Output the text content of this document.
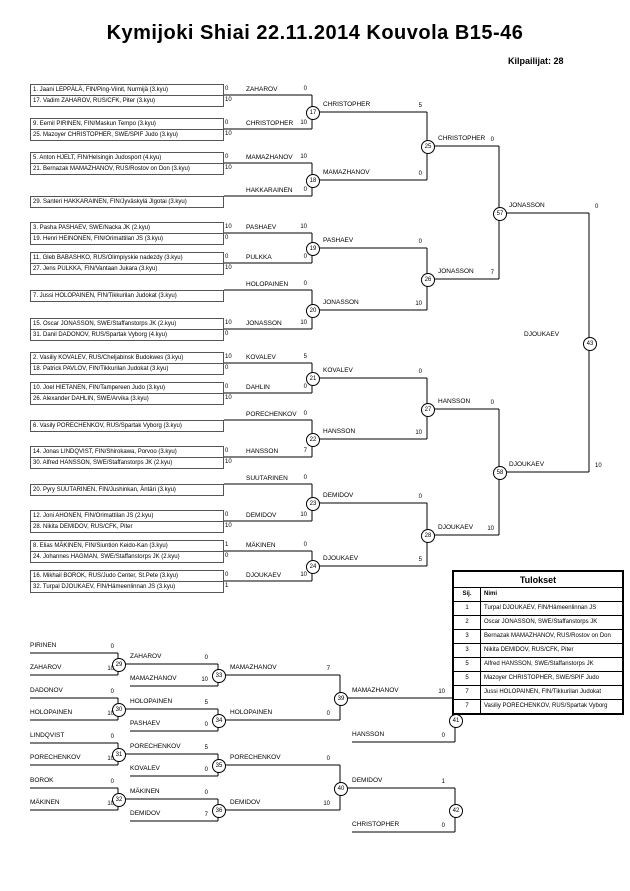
Kymijoki Shiai 22.11.2014 Kouvola B15-46
Kilpailijat: 28
1. Jaani LEPPÄLÄ, FIN/Ping-Viinit, Nurmijä (3.kyu)	0
17. Vadim ZAHAROV, RUS/CFK, Piter (3.kyu)	10
9. Eemil PIRINEN, FIN/Maskun Tempo (3.kyu)	0
25. Mazoyer CHRISTOPHER, SWE/SPIF Judo (3.kyu)	10
5. Anton HJELT, FIN/Helsingin Judosport (4.kyu)	0
21. Bernazak MAMAZHANOV, RUS/Rostov on Don (3.kyu)	10
29. Santeri HAKKARAINEN, FIN/Jyväskylä JIgotai (3.kyu)
3. Pasha PASHAEV, SWE/Nacka JK (2.kyu)	10
19. Henri HEINONEN, FIN/Orimattilan JS (3.kyu)	0
11. Gleb BABASHKO, RUS/Olimpiyskie nadezdy (3.kyu)	0
27. Jens PULKKA, FIN/Vantaan Jukara (3.kyu)	10
7. Jussi HOLOPAINEN, FIN/Tikkurilan Judokat (3.kyu)
15. Oscar JONASSON, SWE/Staffanstorps JK (2.kyu)	10
31. Danil DADONOV, RUS/Spartak Vyborg (4.kyu)	0
2. Vasiliy KOVALEV, RUS/Cheljabinsk Budokwes (3.kyu)	10
18. Patrick PAVLOV, FIN/Tikkurilan Judokat (3.kyu)	0
10. Joel HIETANEN, FIN/Tampereen Judo (3.kyu)	0
26. Alexander DAHLIN, SWE/Arvika (3.kyu)	10
6. Vasily PORECHENKOV, RUS/Spartak Vyborg (3.kyu)
14. Jonas LINDQVIST, FIN/Shirokawa, Porvoo (3.kyu)	0
30. Alfred HANSSON, SWE/Staffanstorps JK (2.kyu)	10
20. Pyry SUUTARINEN, FIN/Jushinkan, Äntäri (3.kyu)
12. Joni AHONEN, FIN/Orimattilan JS (2.kyu)	0
28. Nikita DEMIDOV, RUS/CFK, Piter	10
8. Elias MÄKINEN, FIN/Siuntion Keido-Kan (3.kyu)	1
24. Johannes HAGMAN, SWE/Staffanstorps JK (2.kyu)	0
16. Mikhail BOROK, RUS/Judo Center, St.Pete (3.kyu)	0
32. Turpal DJOUKAEV, FIN/Hämeenlinnan JS (3.kyu)	1
ZAHAROV
CHRISTOPHER
MAMAZHANOV
HAKKARAINEN
PASHAEV
PULKKA
HOLOPAINEN
JONASSON
KOVALEV
DAHLIN
PORECHENKOV
HANSSON
SUUTARINEN
DEMIDOV
MÄKINEN
DJOUKAEV
17
0
10
CHRISTOPHER
18
10
0
MAMAZHANOV
19
10
0
PASHAEV
20
0
10
JONASSON
21
5
0
KOVALEV
22
0
7
HANSSON
23
0
10
DEMIDOV
24
0
10
DJOUKAEV
25
5
0
CHRISTOPHER
26
0
10
JONASSON
27
0
10
HANSSON
28
0
5
DJOUKAEV
57
0
7
JONASSON
58
0
10
DJOUKAEV
43
0
10
DJOUKAEV
PIRINEN
ZAHAROV
DADONOV
HOLOPAINEN
LINDQVIST
PORECHENKOV
BOROK
MÄKINEN
29
0
10
ZAHAROV
30
0
10
HOLOPAINEN
31
0
10
PORECHENKOV
32
0
10
MÄKINEN
MAMAZHANOV
PASHAEV
KOVALEV
DEMIDOV
33
0
10
MAMAZHANOV
34
5
0
HOLOPAINEN
35
5
0
PORECHENKOV
36
0
7
DEMIDOV
39
7
0
MAMAZHANOV
40
0
10
DEMIDOV
HANSSON
CHRISTOPHER
41
10
0
42
1
0
Tulokset
Sij.	Nimi
1	Turpal DJOUKAEV, FIN/Hämeenlinnan JS
2	Oscar JONASSON, SWE/Staffanstorps JK
3	Bernazak MAMAZHANOV, RUS/Rostov on Don
3	Nikita DEMIDOV, RUS/CFK, Piter
5	Alfred HANSSON, SWE/Staffanstorps JK
5	Mazoyer CHRISTOPHER, SWE/SPIF Judo
7	Jussi HOLOPAINEN, FIN/Tikkurilan Judokat
7	Vasiliy PORECHENKOV, RUS/Spartak Vyborg
